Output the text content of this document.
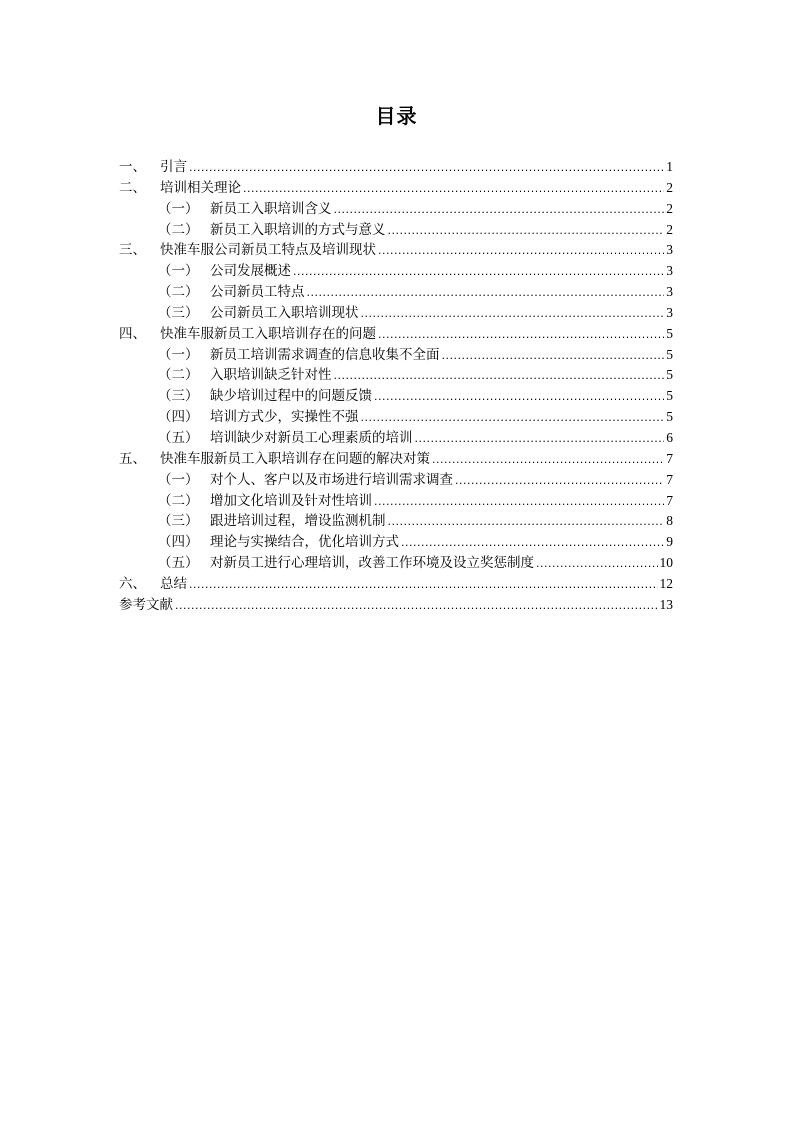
目录
一、	引言 .....	1
二、	培训相关理论 .....	2
（一） 新员工入职培训含义 .....	2
（二） 新员工入职培训的方式与意义 .....	2
三、	快准车服公司新员工特点及培训现状 .....	3
（一） 公司发展概述 .....	3
（二） 公司新员工特点 .....	3
（三） 公司新员工入职培训现状 .....	3
四、	快准车服新员工入职培训存在的问题 .....	5
（一） 新员工培训需求调查的信息收集不全面 .....	5
（二） 入职培训缺乏针对性 .....	5
（三） 缺少培训过程中的问题反馈 .....	5
（四） 培训方式少，实操性不强 .....	5
（五） 培训缺少对新员工心理素质的培训 .....	6
五、	快准车服新员工入职培训存在问题的解决对策 .....	7
（一） 对个人、客户以及市场进行培训需求调查 .....	7
（二） 增加文化培训及针对性培训 .....	7
（三） 跟进培训过程，增设监测机制 .....	8
（四） 理论与实操结合，优化培训方式 .....	9
（五） 对新员工进行心理培训，改善工作环境及设立奖惩制度 .....	10
六、	总结 .....	12
参考文献 .....	13
